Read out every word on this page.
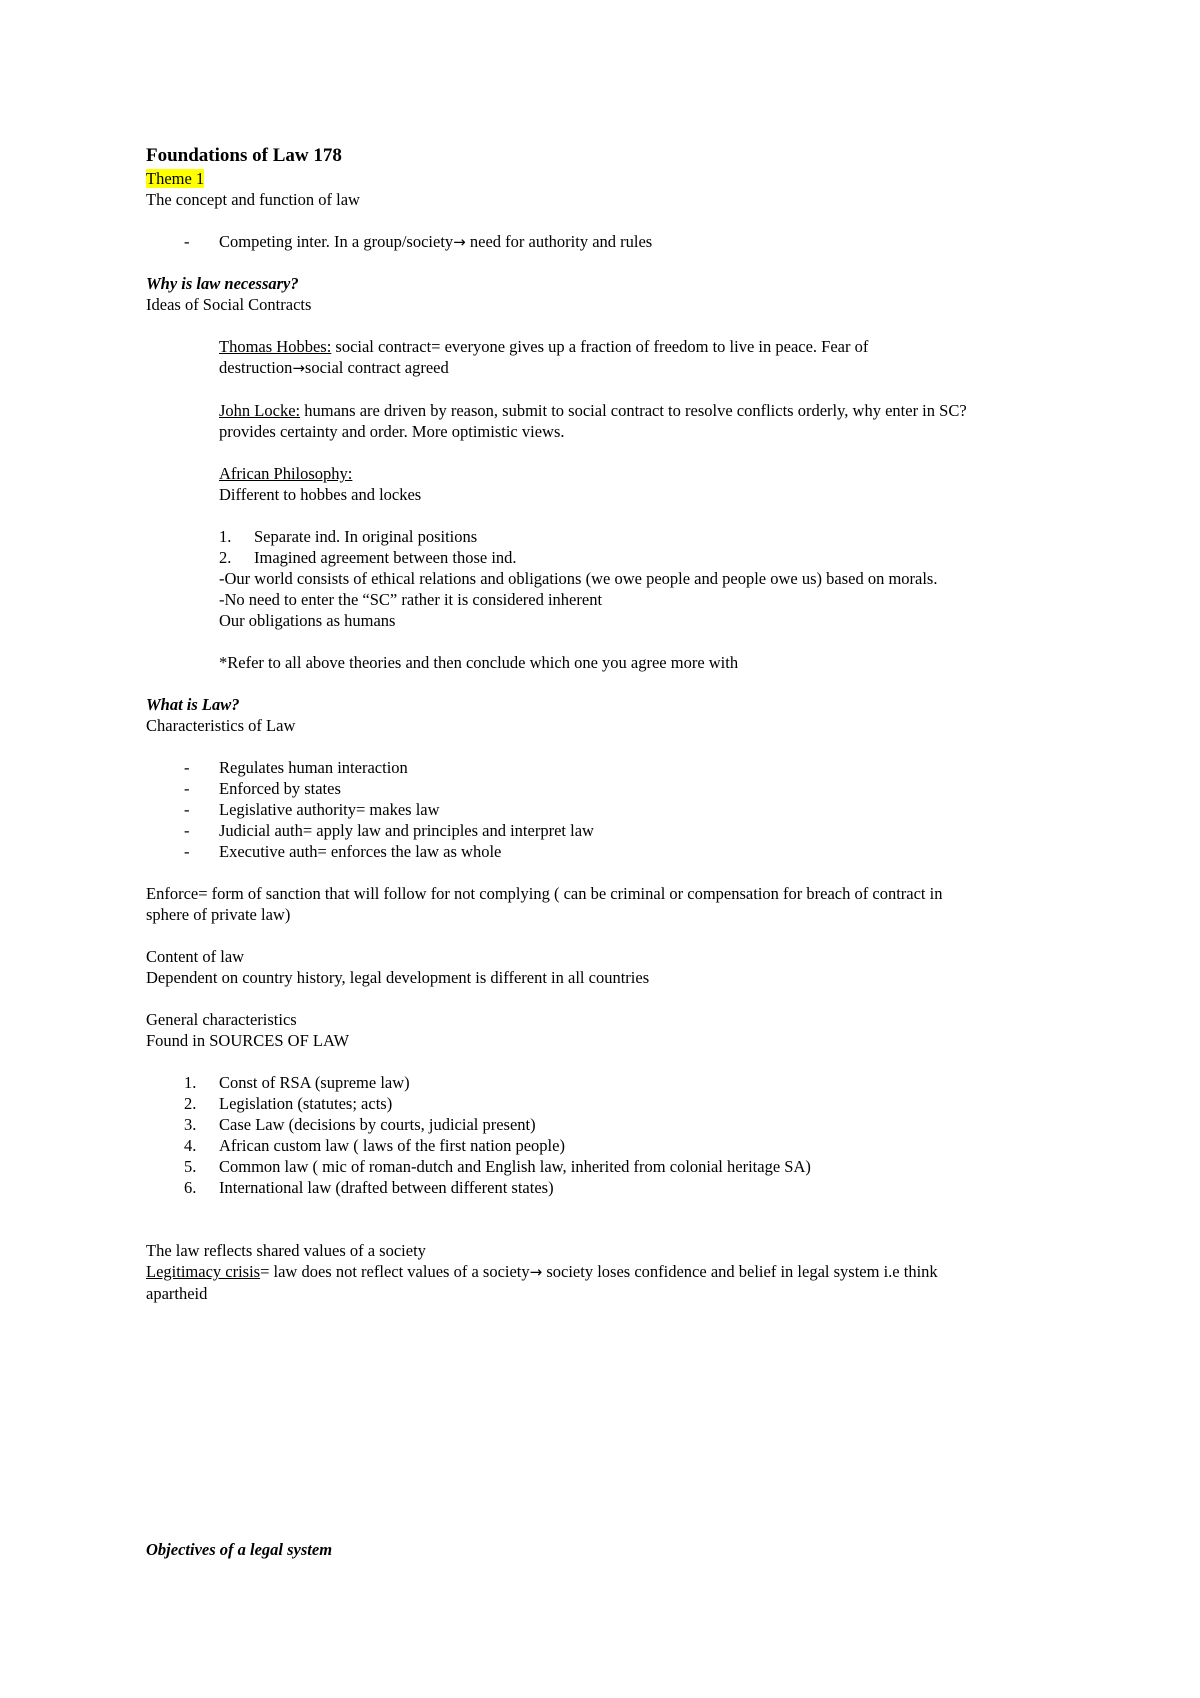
Foundations of Law 178
Theme 1
The concept and function of law
-	Competing inter. In a group/society→ need for authority and rules
Why is law necessary?
Ideas of Social Contracts
Thomas Hobbes: social contract= everyone gives up a fraction of freedom to live in peace. Fear of
destruction→social contract agreed
John Locke: humans are driven by reason, submit to social contract to resolve conflicts orderly, why enter in SC?
provides certainty and order. More optimistic views.
African Philosophy:
Different to hobbes and lockes
1.	Separate ind. In original positions
2.	Imagined agreement between those ind.
-Our world consists of ethical relations and obligations (we owe people and people owe us) based on morals.
-No need to enter the “SC” rather it is considered inherent
Our obligations as humans
*Refer to all above theories and then conclude which one you agree more with
What is Law?
Characteristics of Law
-	Regulates human interaction
-	Enforced by states
-	Legislative authority= makes law
-	Judicial auth= apply law and principles and interpret law
-	Executive auth= enforces the law as whole
Enforce= form of sanction that will follow for not complying ( can be criminal or compensation for breach of contract in
sphere of private law)
Content of law
Dependent on country history, legal development is different in all countries
General characteristics
Found in SOURCES OF LAW
1.	Const of RSA (supreme law)
2.	Legislation (statutes; acts)
3.	Case Law (decisions by courts, judicial present)
4.	African custom law ( laws of the first nation people)
5.	Common law ( mic of roman-dutch and English law, inherited from colonial heritage SA)
6.	International law (drafted between different states)
The law reflects shared values of a society
Legitimacy crisis= law does not reflect values of a society→ society loses confidence and belief in legal system i.e think
apartheid
Objectives of a legal system
